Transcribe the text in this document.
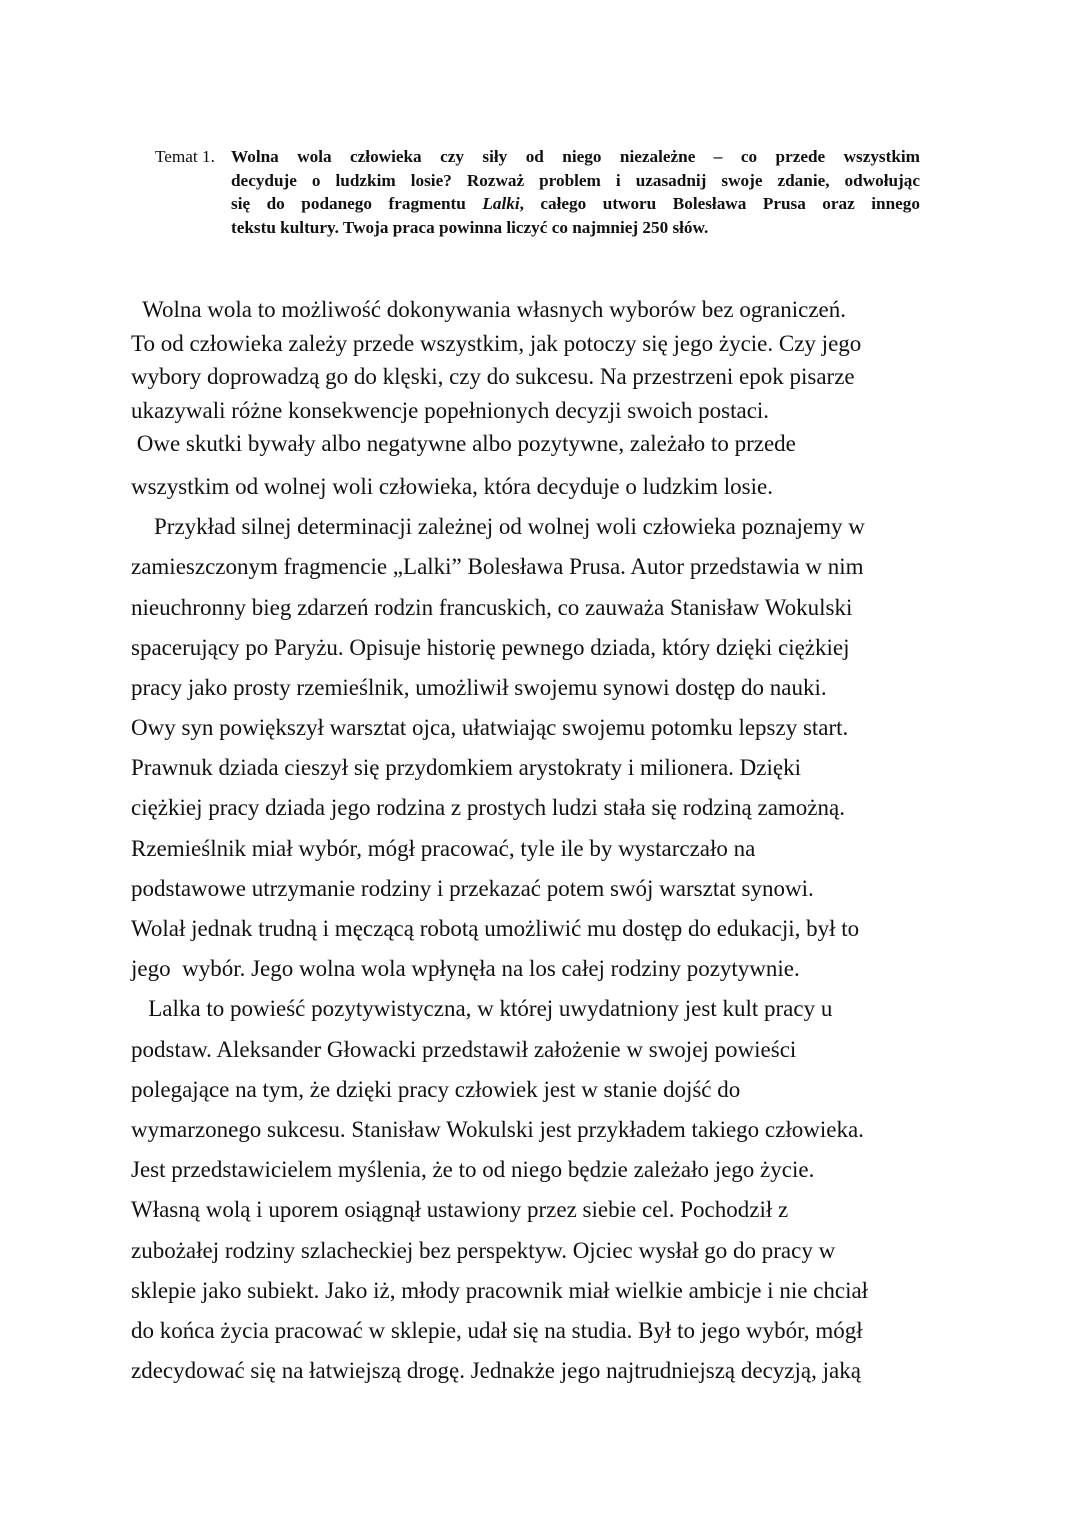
Temat 1. Wolna wola człowieka czy siły od niego niezależne – co przede wszystkim
decyduje o ludzkim losie? Rozważ problem i uzasadnij swoje zdanie, odwołując
się do podanego fragmentu Lalki, całego utworu Bolesława Prusa oraz innego
tekstu kultury. Twoja praca powinna liczyć co najmniej 250 słów.
Wolna wola to możliwość dokonywania własnych wyborów bez ograniczeń.
To od człowieka zależy przede wszystkim, jak potoczy się jego życie. Czy jego
wybory doprowadzą go do klęski, czy do sukcesu. Na przestrzeni epok pisarze
ukazywali różne konsekwencje popełnionych decyzji swoich postaci.
Owe skutki bywały albo negatywne albo pozytywne, zależało to przede
wszystkim od wolnej woli człowieka, która decyduje o ludzkim losie.
Przykład silnej determinacji zależnej od wolnej woli człowieka poznajemy w
zamieszczonym fragmencie „Lalki” Bolesława Prusa. Autor przedstawia w nim
nieuchronny bieg zdarzeń rodzin francuskich, co zauważa Stanisław Wokulski
spacerujący po Paryżu. Opisuje historię pewnego dziada, który dzięki ciężkiej
pracy jako prosty rzemieślnik, umożliwił swojemu synowi dostęp do nauki.
Owy syn powiększył warsztat ojca, ułatwiając swojemu potomku lepszy start.
Prawnuk dziada cieszył się przydomkiem arystokraty i milionera. Dzięki
ciężkiej pracy dziada jego rodzina z prostych ludzi stała się rodziną zamożną.
Rzemieślnik miał wybór, mógł pracować, tyle ile by wystarczało na
podstawowe utrzymanie rodziny i przekazać potem swój warsztat synowi.
Wolał jednak trudną i męczącą robotą umożliwić mu dostęp do edukacji, był to
jego  wybór. Jego wolna wola wpłynęła na los całej rodziny pozytywnie.
Lalka to powieść pozytywistyczna, w której uwydatniony jest kult pracy u
podstaw. Aleksander Głowacki przedstawił założenie w swojej powieści
polegające na tym, że dzięki pracy człowiek jest w stanie dojść do
wymarzonego sukcesu. Stanisław Wokulski jest przykładem takiego człowieka.
Jest przedstawicielem myślenia, że to od niego będzie zależało jego życie.
Własną wolą i uporem osiągnął ustawiony przez siebie cel. Pochodził z
zubożałej rodziny szlacheckiej bez perspektyw. Ojciec wysłał go do pracy w
sklepie jako subiekt. Jako iż, młody pracownik miał wielkie ambicje i nie chciał
do końca życia pracować w sklepie, udał się na studia. Był to jego wybór, mógł
zdecydować się na łatwiejszą drogę. Jednakże jego najtrudniejszą decyzją, jaką
